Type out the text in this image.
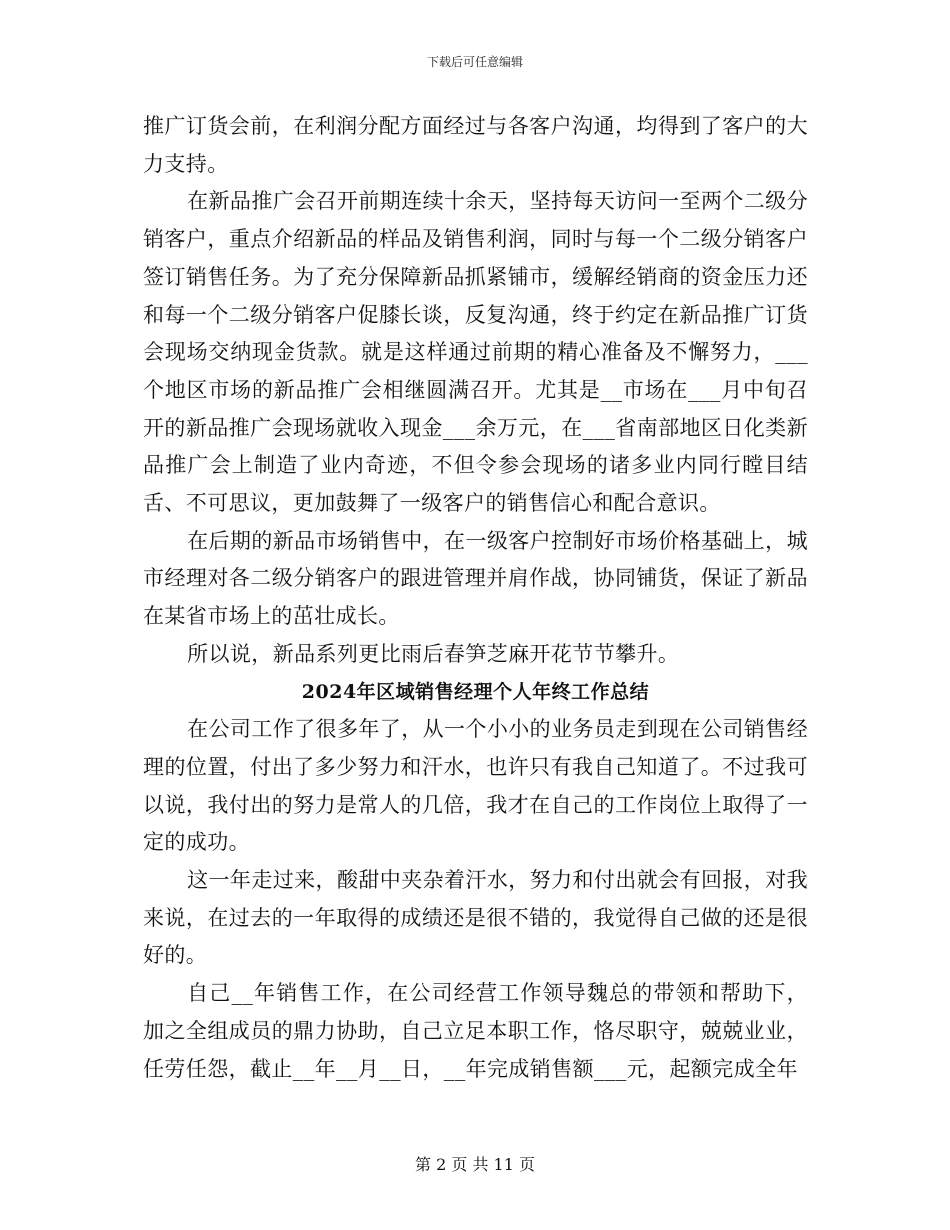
下载后可任意编辑

推广订货会前，在利润分配方面经过与各客户沟通，均得到了客户的大力支持。

在新品推广会召开前期连续十余天，坚持每天访问一至两个二级分销客户，重点介绍新品的样品及销售利润，同时与每一个二级分销客户签订销售任务。为了充分保障新品抓紧铺市，缓解经销商的资金压力还和每一个二级分销客户促膝长谈，反复沟通，终于约定在新品推广订货会现场交纳现金货款。就是这样通过前期的精心准备及不懈努力，___个地区市场的新品推广会相继圆满召开。尤其是__市场在___月中旬召开的新品推广会现场就收入现金___余万元，在___省南部地区日化类新品推广会上制造了业内奇迹，不但令参会现场的诸多业内同行瞠目结舌、不可思议，更加鼓舞了一级客户的销售信心和配合意识。

在后期的新品市场销售中，在一级客户控制好市场价格基础上，城市经理对各二级分销客户的跟进管理并肩作战，协同铺货，保证了新品在某省市场上的茁壮成长。

所以说，新品系列更比雨后春笋芝麻开花节节攀升。

2024年区域销售经理个人年终工作总结

在公司工作了很多年了，从一个小小的业务员走到现在公司销售经理的位置，付出了多少努力和汗水，也许只有我自己知道了。不过我可以说，我付出的努力是常人的几倍，我才在自己的工作岗位上取得了一定的成功。

这一年走过来，酸甜中夹杂着汗水，努力和付出就会有回报，对我来说，在过去的一年取得的成绩还是很不错的，我觉得自己做的还是很好的。

自己__年销售工作，在公司经营工作领导魏总的带领和帮助下，加之全组成员的鼎力协助，自己立足本职工作，恪尽职守，兢兢业业，任劳任怨，截止__年__月__日，__年完成销售额___元，起额完成全年

第 2 页 共 11 页
